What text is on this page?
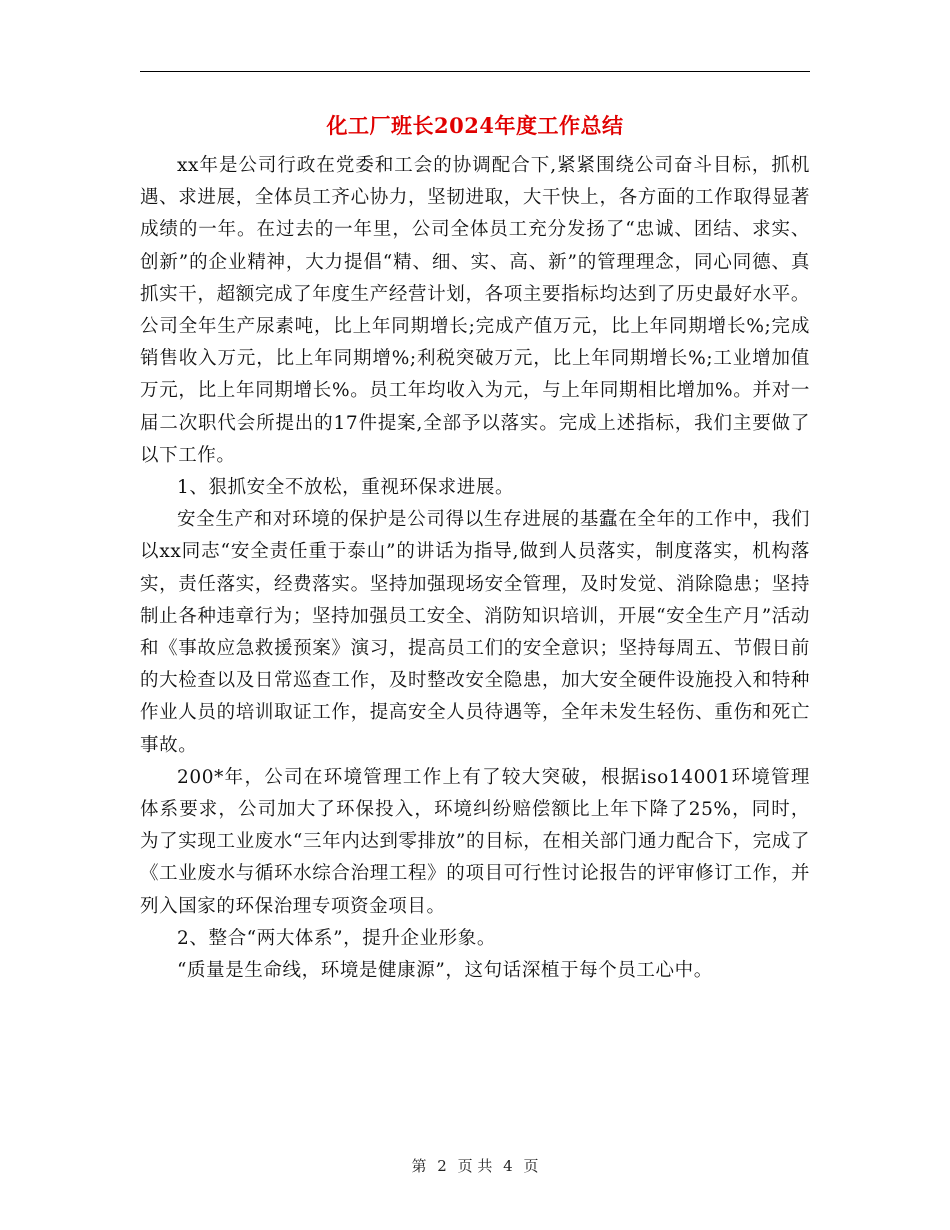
化工厂班长2024年度工作总结

xx年是公司行政在党委和工会的协调配合下,紧紧围绕公司奋斗目标，抓机遇、求进展，全体员工齐心协力，坚韧进取，大干快上，各方面的工作取得显著成绩的一年。在过去的一年里，公司全体员工充分发扬了“忠诚、团结、求实、创新”的企业精神，大力提倡“精、细、实、高、新”的管理理念，同心同德、真抓实干，超额完成了年度生产经营计划，各项主要指标均达到了历史最好水平。公司全年生产尿素吨，比上年同期增长;完成产值万元，比上年同期增长%;完成销售收入万元，比上年同期增%;利税突破万元，比上年同期增长%;工业增加值万元，比上年同期增长%。员工年均收入为元，与上年同期相比增加%。并对一届二次职代会所提出的17件提案,全部予以落实。完成上述指标，我们主要做了以下工作。

1、狠抓安全不放松，重视环保求进展。

安全生产和对环境的保护是公司得以生存进展的基蠹在全年的工作中，我们以xx同志“安全责任重于泰山”的讲话为指导,做到人员落实，制度落实，机构落实，责任落实，经费落实。坚持加强现场安全管理，及时发觉、消除隐患；坚持制止各种违章行为；坚持加强员工安全、消防知识培训，开展“安全生产月”活动和《事故应急救援预案》演习，提高员工们的安全意识；坚持每周五、节假日前的大检查以及日常巡查工作，及时整改安全隐患，加大安全硬件设施投入和特种作业人员的培训取证工作，提高安全人员待遇等，全年未发生轻伤、重伤和死亡事故。

200*年，公司在环境管理工作上有了较大突破，根据iso14001环境管理体系要求，公司加大了环保投入，环境纠纷赔偿额比上年下降了25%，同时，为了实现工业废水“三年内达到零排放”的目标，在相关部门通力配合下，完成了《工业废水与循环水综合治理工程》的项目可行性讨论报告的评审修订工作，并列入国家的环保治理专项资金项目。

2、整合“两大体系”，提升企业形象。

“质量是生命线，环境是健康源”，这句话深植于每个员工心中。

第 2 页 共 4 页
